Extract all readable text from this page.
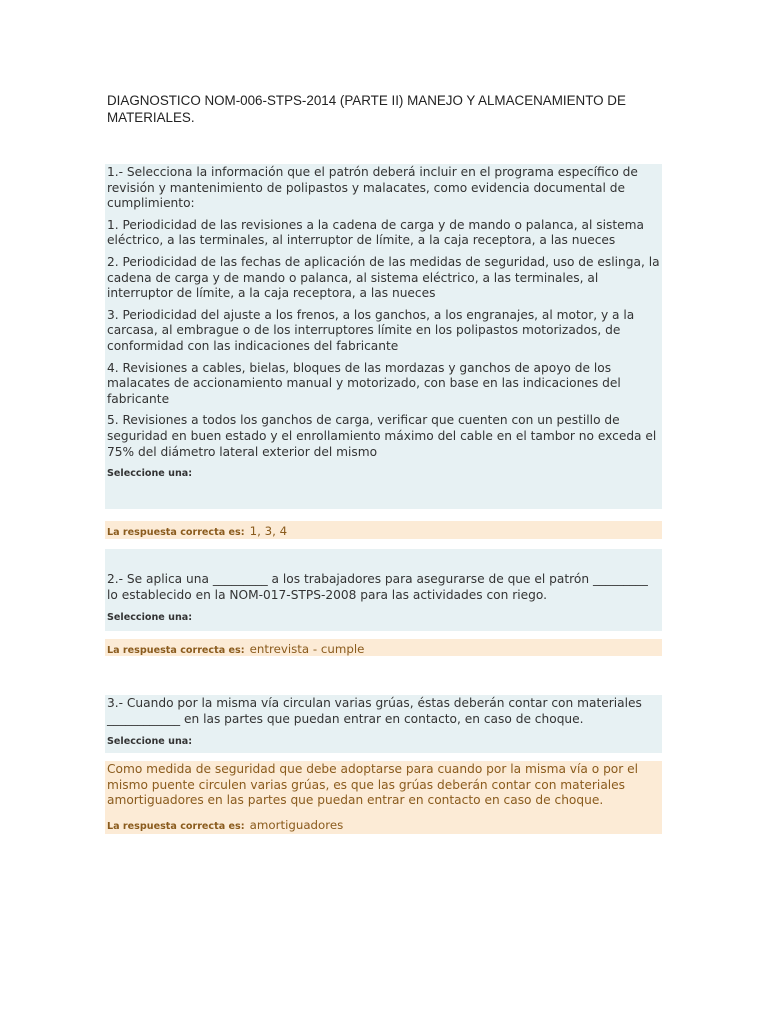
DIAGNOSTICO NOM-006-STPS-2014 (PARTE II) MANEJO Y ALMACENAMIENTO DE MATERIALES.

1.- Selecciona la información que el patrón deberá incluir en el programa específico de revisión y mantenimiento de polipastos y malacates, como evidencia documental de cumplimiento:

1. Periodicidad de las revisiones a la cadena de carga y de mando o palanca, al sistema eléctrico, a las terminales, al interruptor de límite, a la caja receptora, a las nueces

2. Periodicidad de las fechas de aplicación de las medidas de seguridad, uso de eslinga, la cadena de carga y de mando o palanca, al sistema eléctrico, a las terminales, al interruptor de límite, a la caja receptora, a las nueces

3. Periodicidad del ajuste a los frenos, a los ganchos, a los engranajes, al motor, y a la carcasa, al embrague o de los interruptores límite en los polipastos motorizados, de conformidad con las indicaciones del fabricante

4. Revisiones a cables, bielas, bloques de las mordazas y ganchos de apoyo de los malacates de accionamiento manual y motorizado, con base en las indicaciones del fabricante

5. Revisiones a todos los ganchos de carga, verificar que cuenten con un pestillo de seguridad en buen estado y el enrollamiento máximo del cable en el tambor no exceda el 75% del diámetro lateral exterior del mismo

Seleccione una:

La respuesta correcta es: 1, 3, 4

2.- Se aplica una _________ a los trabajadores para asegurarse de que el patrón _________ lo establecido en la NOM-017-STPS-2008 para las actividades con riego.

Seleccione una:

La respuesta correcta es: entrevista - cumple

3.- Cuando por la misma vía circulan varias grúas, éstas deberán contar con materiales ____________ en las partes que puedan entrar en contacto, en caso de choque.

Seleccione una:

Como medida de seguridad que debe adoptarse para cuando por la misma vía o por el mismo puente circulen varias grúas, es que las grúas deberán contar con materiales amortiguadores en las partes que puedan entrar en contacto en caso de choque.

La respuesta correcta es: amortiguadores
